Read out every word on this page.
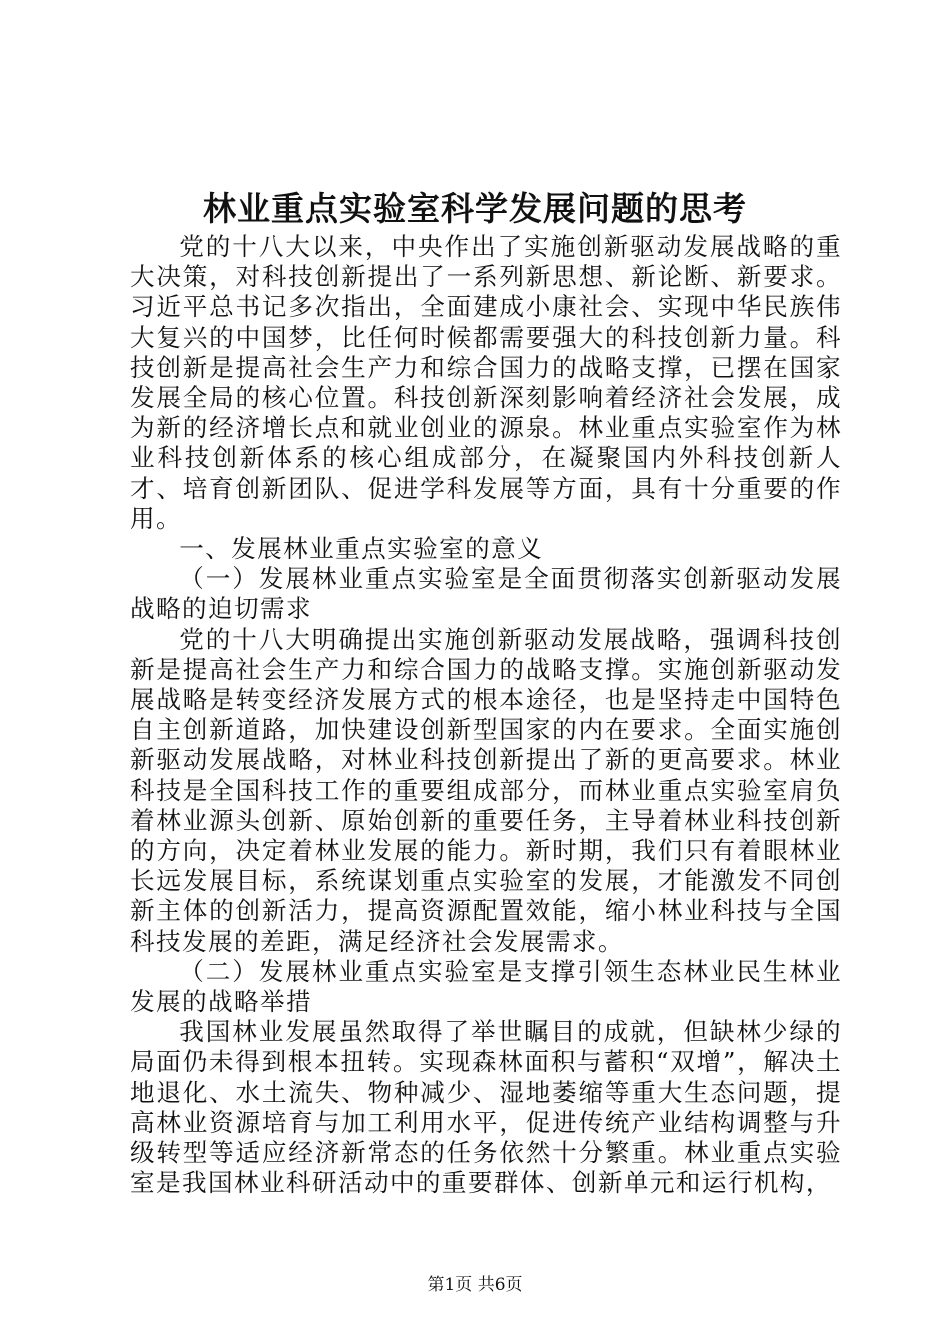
林业重点实验室科学发展问题的思考

党的十八大以来，中央作出了实施创新驱动发展战略的重大决策，对科技创新提出了一系列新思想、新论断、新要求。习近平总书记多次指出，全面建成小康社会、实现中华民族伟大复兴的中国梦，比任何时候都需要强大的科技创新力量。科技创新是提高社会生产力和综合国力的战略支撑，已摆在国家发展全局的核心位置。科技创新深刻影响着经济社会发展，成为新的经济增长点和就业创业的源泉。林业重点实验室作为林业科技创新体系的核心组成部分，在凝聚国内外科技创新人才、培育创新团队、促进学科发展等方面，具有十分重要的作用。

一、发展林业重点实验室的意义

（一）发展林业重点实验室是全面贯彻落实创新驱动发展战略的迫切需求

党的十八大明确提出实施创新驱动发展战略，强调科技创新是提高社会生产力和综合国力的战略支撑。实施创新驱动发展战略是转变经济发展方式的根本途径，也是坚持走中国特色自主创新道路，加快建设创新型国家的内在要求。全面实施创新驱动发展战略，对林业科技创新提出了新的更高要求。林业科技是全国科技工作的重要组成部分，而林业重点实验室肩负着林业源头创新、原始创新的重要任务，主导着林业科技创新的方向，决定着林业发展的能力。新时期，我们只有着眼林业长远发展目标，系统谋划重点实验室的发展，才能激发不同创新主体的创新活力，提高资源配置效能，缩小林业科技与全国科技发展的差距，满足经济社会发展需求。

（二）发展林业重点实验室是支撑引领生态林业民生林业发展的战略举措

我国林业发展虽然取得了举世瞩目的成就，但缺林少绿的局面仍未得到根本扭转。实现森林面积与蓄积“双增”，解决土地退化、水土流失、物种减少、湿地萎缩等重大生态问题，提高林业资源培育与加工利用水平，促进传统产业结构调整与升级转型等适应经济新常态的任务依然十分繁重。林业重点实验室是我国林业科研活动中的重要群体、创新单元和运行机构，

第1页 共6页
